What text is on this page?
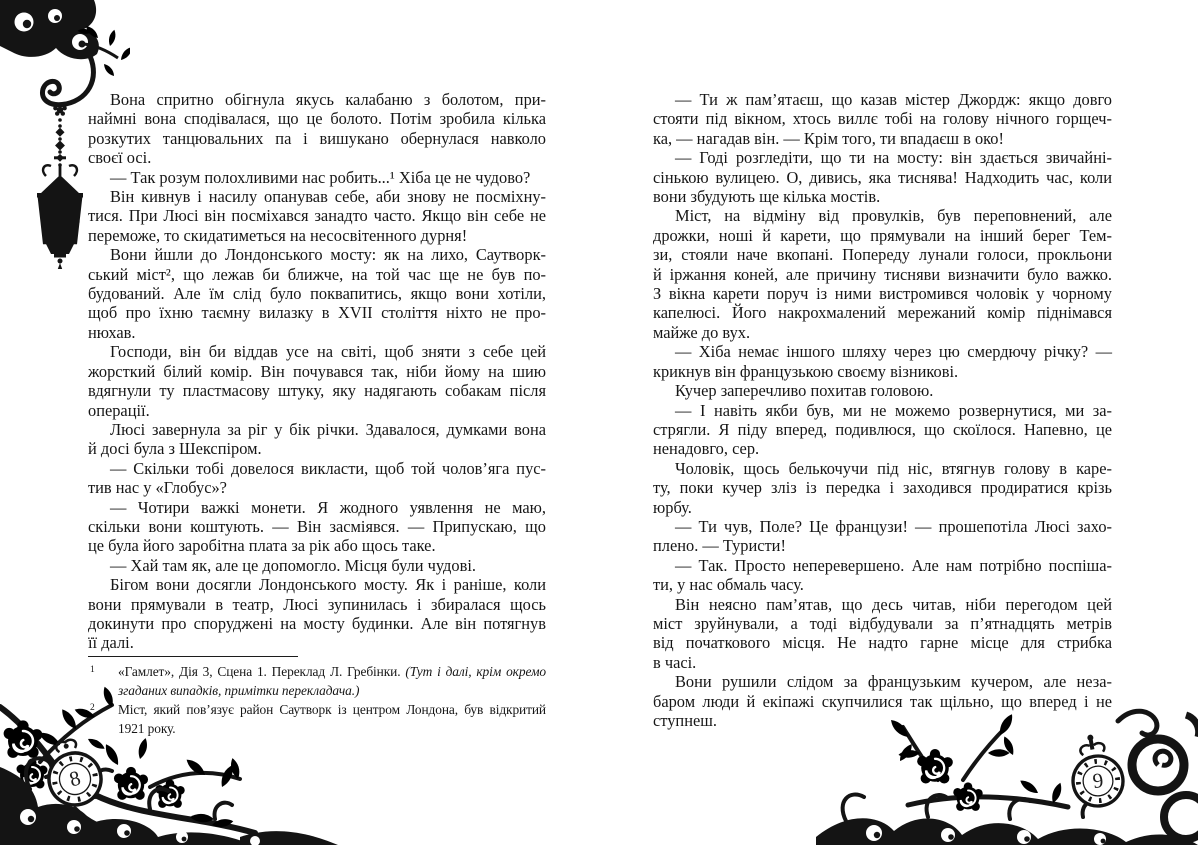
8	9
Вона спритно обігнула якусь калабаню з болотом, при-
наймні вона сподівалася, що це болото. Потім зробила кілька
розкутих танцювальних па і вишукано обернулася навколо
своєї осі.
— Так розум полохливими нас робить...¹ Хіба це не чудово?
Він кивнув і насилу опанував себе, аби знову не посміхну-
тися. При Люсі він посміхався занадто часто. Якщо він себе не
переможе, то скидатиметься на несосвітенного дурня!
Вони йшли до Лондонського мосту: як на лихо, Саутворк-
ський міст², що лежав би ближче, на той час ще не був по-
будований. Але їм слід було поквапитись, якщо вони хотіли,
щоб про їхню таємну вилазку в XVII століття ніхто не про-
нюхав.
Господи, він би віддав усе на світі, щоб зняти з себе цей
жорсткий білий комір. Він почувався так, ніби йому на шию
вдягнули ту пластмасову штуку, яку надягають собакам після
операції.
Люсі завернула за ріг у бік річки. Здавалося, думками вона
й досі була з Шекспіром.
— Скільки тобі довелося викласти, щоб той чолов’яга пус-
тив нас у «Глобус»?
— Чотири важкі монети. Я жодного уявлення не маю,
скільки вони коштують. — Він засміявся. — Припускаю, що
це була його заробітна плата за рік або щось таке.
— Хай там як, але це допомогло. Місця були чудові.
Бігом вони досягли Лондонського мосту. Як і раніше, коли
вони прямували в театр, Люсі зупинилась і збиралася щось
докинути про споруджені на мосту будинки. Але він потягнув
її далі.
1 «Гамлет», Дія 3, Сцена 1. Переклад Л. Гребінки. (Тут і далі, крім окремо
згаданих випадків, примітки перекладача.)
2 Міст, який пов’язує район Саутворк із центром Лондона, був відкритий
1921 року.
— Ти ж пам’ятаєш, що казав містер Джордж: якщо довго
стояти під вікном, хтось виллє тобі на голову нічного горщеч-
ка, — нагадав він. — Крім того, ти впадаєш в око!
— Годі розгледіти, що ти на мосту: він здається звичайні-
сінькою вулицею. О, дивись, яка тиснява! Надходить час, коли
вони збудують ще кілька мостів.
Міст, на відміну від провулків, був переповнений, але
дрожки, ноші й карети, що прямували на інший берег Тем-
зи, стояли наче вкопані. Попереду лунали голоси, прокльони
й іржання коней, але причину тисняви визначити було важко.
З вікна карети поруч із ними вистромився чоловік у чорному
капелюсі. Його накрохмалений мережаний комір піднімався
майже до вух.
— Хіба немає іншого шляху через цю смердючу річку? —
крикнув він французькою своєму візникові.
Кучер заперечливо похитав головою.
— І навіть якби був, ми не можемо розвернутися, ми за-
стрягли. Я піду вперед, подивлюся, що скоїлося. Напевно, це
ненадовго, сер.
Чоловік, щось белькочучи під ніс, втягнув голову в каре-
ту, поки кучер зліз із передка і заходився продиратися крізь
юрбу.
— Ти чув, Поле? Це французи! — прошепотіла Люсі захо-
плено. — Туристи!
— Так. Просто неперевершено. Але нам потрібно поспіша-
ти, у нас обмаль часу.
Він неясно пам’ятав, що десь читав, ніби перегодом цей
міст зруйнували, а тоді відбудували за п’ятнадцять метрів
від початкового місця. Не надто гарне місце для стрибка
в часі.
Вони рушили слідом за французьким кучером, але неза-
баром люди й екіпажі скупчилися так щільно, що вперед і не
ступнеш.
